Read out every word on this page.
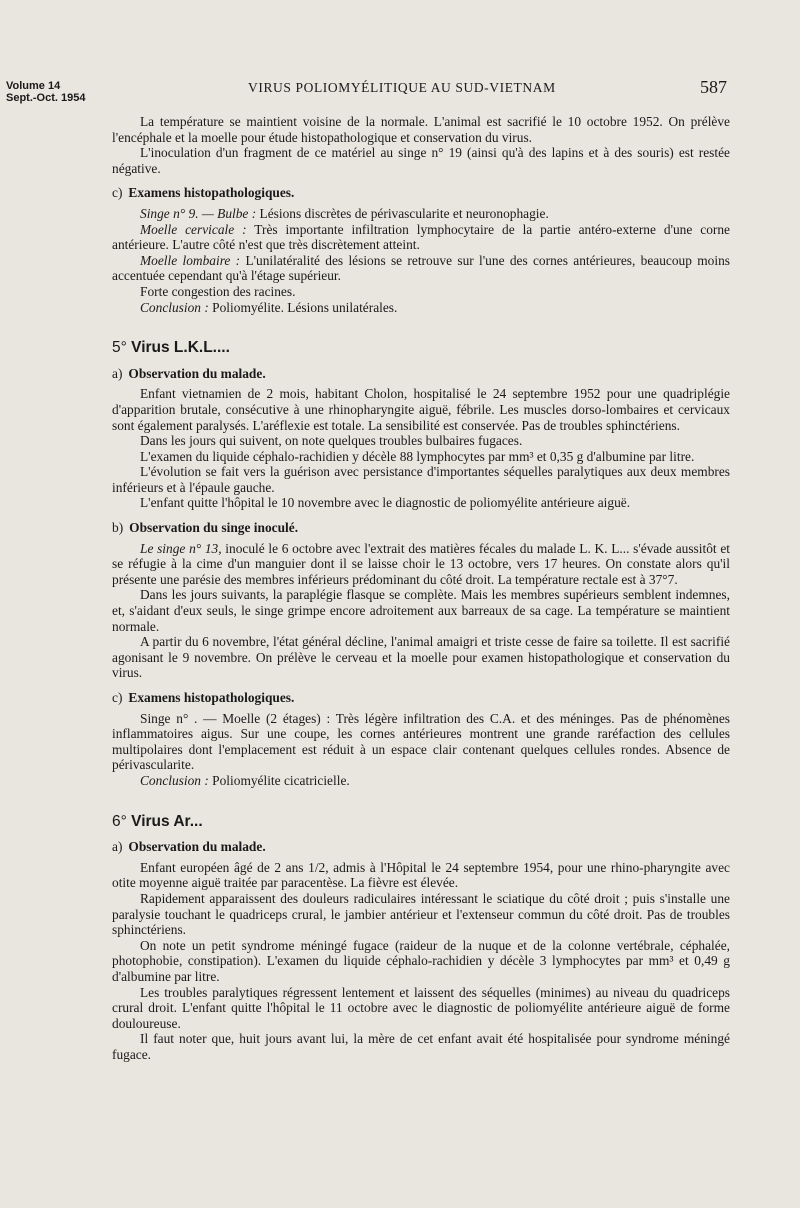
Volume 14
Sept.-Oct. 1954
VIRUS POLIOMYÉLITIQUE AU SUD-VIETNAM	587

La température se maintient voisine de la normale. L'animal est sacrifié le 10 octobre 1952. On prélève l'encéphale et la moelle pour étude histopathologique et conservation du virus.

L'inoculation d'un fragment de ce matériel au singe n° 19 (ainsi qu'à des lapins et à des souris) est restée négative.

c) Examens histopathologiques.

Singe n° 9. — Bulbe : Lésions discrètes de périvascularite et neuronophagie.

Moelle cervicale : Très importante infiltration lymphocytaire de la partie antéro-externe d'une corne antérieure. L'autre côté n'est que très discrètement atteint.

Moelle lombaire : L'unilatéralité des lésions se retrouve sur l'une des cornes antérieures, beaucoup moins accentuée cependant qu'à l'étage supérieur.

Forte congestion des racines.

Conclusion : Poliomyélite. Lésions unilatérales.

5° Virus L.K.L....
a) Observation du malade.

Enfant vietnamien de 2 mois, habitant Cholon, hospitalisé le 24 septembre 1952 pour une quadriplégie d'apparition brutale, consécutive à une rhinopharyngite aiguë, fébrile. Les muscles dorso-lombaires et cervicaux sont également paralysés. L'aréflexie est totale. La sensibilité est conservée. Pas de troubles sphinctériens.

Dans les jours qui suivent, on note quelques troubles bulbaires fugaces.

L'examen du liquide céphalo-rachidien y décèle 88 lymphocytes par mm³ et 0,35 g d'albumine par litre.

L'évolution se fait vers la guérison avec persistance d'importantes séquelles paralytiques aux deux membres inférieurs et à l'épaule gauche.

L'enfant quitte l'hôpital le 10 novembre avec le diagnostic de poliomyélite antérieure aiguë.

b) Observation du singe inoculé.

Le singe n° 13, inoculé le 6 octobre avec l'extrait des matières fécales du malade L. K. L... s'évade aussitôt et se réfugie à la cime d'un manguier dont il se laisse choir le 13 octobre, vers 17 heures. On constate alors qu'il présente une parésie des membres inférieurs prédominant du côté droit. La température rectale est à 37°7.

Dans les jours suivants, la paraplégie flasque se complète. Mais les membres supérieurs semblent indemnes, et, s'aidant d'eux seuls, le singe grimpe encore adroitement aux barreaux de sa cage. La température se maintient normale.

A partir du 6 novembre, l'état général décline, l'animal amaigri et triste cesse de faire sa toilette. Il est sacrifié agonisant le 9 novembre. On prélève le cerveau et la moelle pour examen histopathologique et conservation du virus.

c) Examens histopathologiques.

Singe n° . — Moelle (2 étages) : Très légère infiltration des C.A. et des méninges. Pas de phénomènes inflammatoires aigus. Sur une coupe, les cornes antérieures montrent une grande raréfaction des cellules multipolaires dont l'emplacement est réduit à un espace clair contenant quelques cellules rondes. Absence de périvascularite.

Conclusion : Poliomyélite cicatricielle.

6° Virus Ar...
a) Observation du malade.

Enfant européen âgé de 2 ans 1/2, admis à l'Hôpital le 24 septembre 1954, pour une rhino-pharyngite avec otite moyenne aiguë traitée par paracentèse. La fièvre est élevée.

Rapidement apparaissent des douleurs radiculaires intéressant le sciatique du côté droit ; puis s'installe une paralysie touchant le quadriceps crural, le jambier antérieur et l'extenseur commun du côté droit. Pas de troubles sphinctériens.

On note un petit syndrome méningé fugace (raideur de la nuque et de la colonne vertébrale, céphalée, photophobie, constipation). L'examen du liquide céphalo-rachidien y décèle 3 lymphocytes par mm³ et 0,49 g d'albumine par litre.

Les troubles paralytiques régressent lentement et laissent des séquelles (minimes) au niveau du quadriceps crural droit. L'enfant quitte l'hôpital le 11 octobre avec le diagnostic de poliomyélite antérieure aiguë de forme douloureuse.

Il faut noter que, huit jours avant lui, la mère de cet enfant avait été hospitalisée pour syndrome méningé fugace.
